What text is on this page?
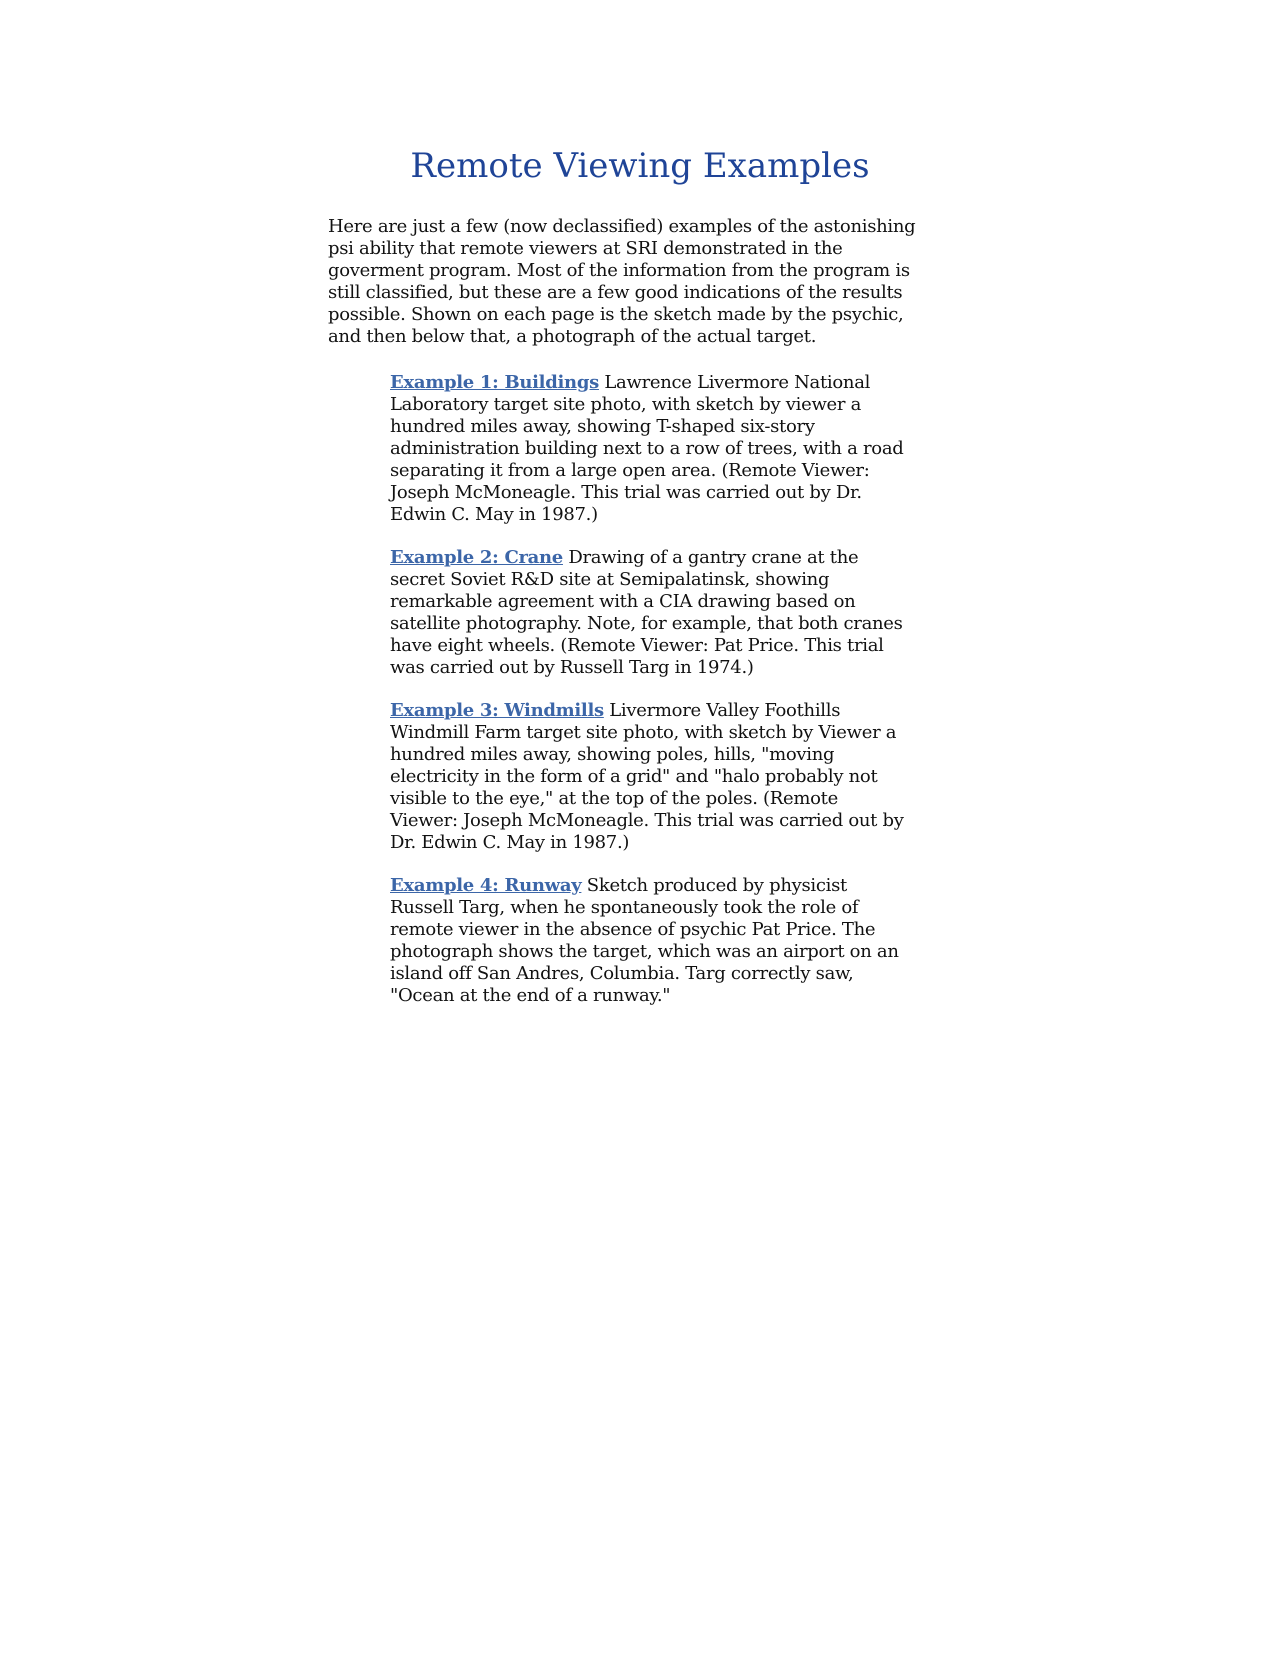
Remote Viewing Examples

Here are just a few (now declassified) examples of the astonishing psi ability that remote viewers at SRI demonstrated in the goverment program. Most of the information from the program is still classified, but these are a few good indications of the results possible. Shown on each page is the sketch made by the psychic, and then below that, a photograph of the actual target.

Example 1: Buildings Lawrence Livermore National Laboratory target site photo, with sketch by viewer a hundred miles away, showing T-shaped six-story administration building next to a row of trees, with a road separating it from a large open area. (Remote Viewer: Joseph McMoneagle. This trial was carried out by Dr. Edwin C. May in 1987.)

Example 2: Crane Drawing of a gantry crane at the secret Soviet R&D site at Semipalatinsk, showing remarkable agreement with a CIA drawing based on satellite photography. Note, for example, that both cranes have eight wheels. (Remote Viewer: Pat Price. This trial was carried out by Russell Targ in 1974.)

Example 3: Windmills Livermore Valley Foothills Windmill Farm target site photo, with sketch by Viewer a hundred miles away, showing poles, hills, "moving electricity in the form of a grid" and "halo probably not visible to the eye," at the top of the poles. (Remote Viewer: Joseph McMoneagle. This trial was carried out by Dr. Edwin C. May in 1987.)

Example 4: Runway Sketch produced by physicist Russell Targ, when he spontaneously took the role of remote viewer in the absence of psychic Pat Price. The photograph shows the target, which was an airport on an island off San Andres, Columbia. Targ correctly saw, "Ocean at the end of a runway."
